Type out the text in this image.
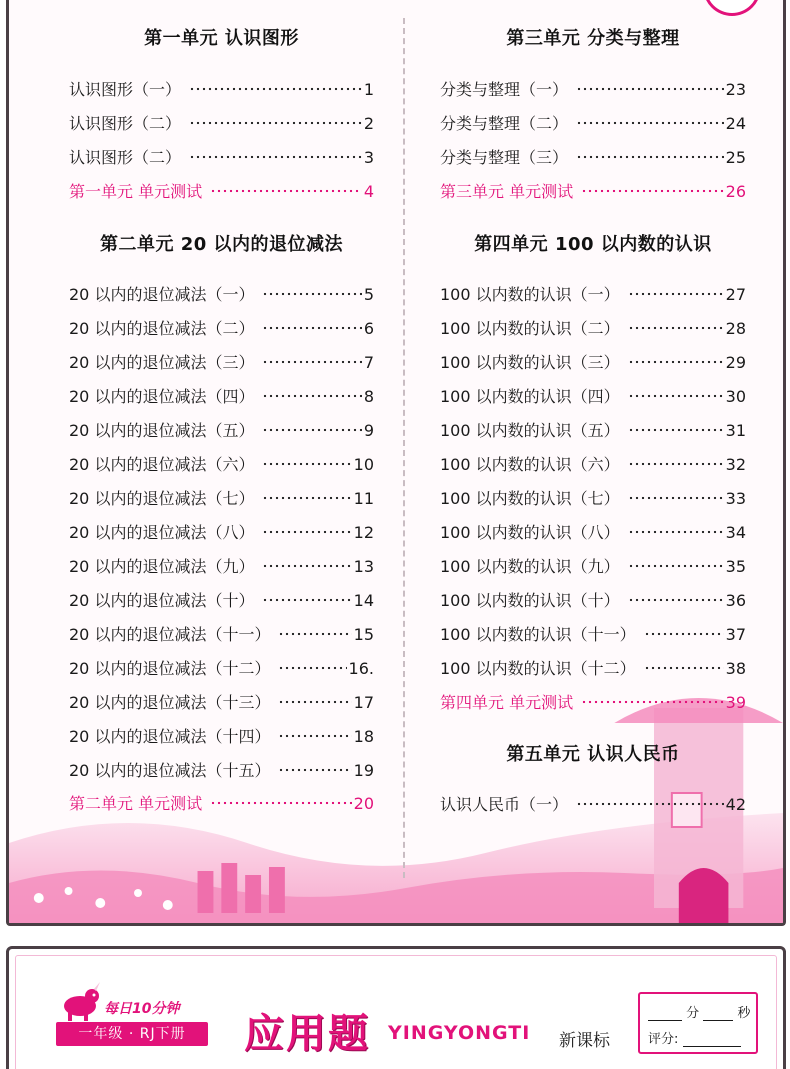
第一单元 认识图形
认识图形（一）	1
认识图形（二）	2
认识图形（二）	3
第一单元 单元测试	4
第二单元 20 以内的退位减法
20 以内的退位减法（一）	5
20 以内的退位减法（二）	6
20 以内的退位减法（三）	7
20 以内的退位减法（四）	8
20 以内的退位减法（五）	9
20 以内的退位减法（六）	10
20 以内的退位减法（七）	11
20 以内的退位减法（八）	12
20 以内的退位减法（九）	13
20 以内的退位减法（十）	14
20 以内的退位减法（十一）	15
20 以内的退位减法（十二）	16.
20 以内的退位减法（十三）	17
20 以内的退位减法（十四）	18
20 以内的退位减法（十五）	19
第二单元 单元测试	20
第三单元 分类与整理
分类与整理（一）	23
分类与整理（二）	24
分类与整理（三）	25
第三单元 单元测试	26
第四单元 100 以内数的认识
100 以内数的认识（一）	27
100 以内数的认识（二）	28
100 以内数的认识（三）	29
100 以内数的认识（四）	30
100 以内数的认识（五）	31
100 以内数的认识（六）	32
100 以内数的认识（七）	33
100 以内数的认识（八）	34
100 以内数的认识（九）	35
100 以内数的认识（十）	36
100 以内数的认识（十一）	37
100 以内数的认识（十二）	38
第四单元 单元测试	39
第五单元 认识人民币
认识人民币（一）	42
每日10分钟
一年级 · RJ下册	应用题 YINGYONGTI 新课标
分	秒
评分:
